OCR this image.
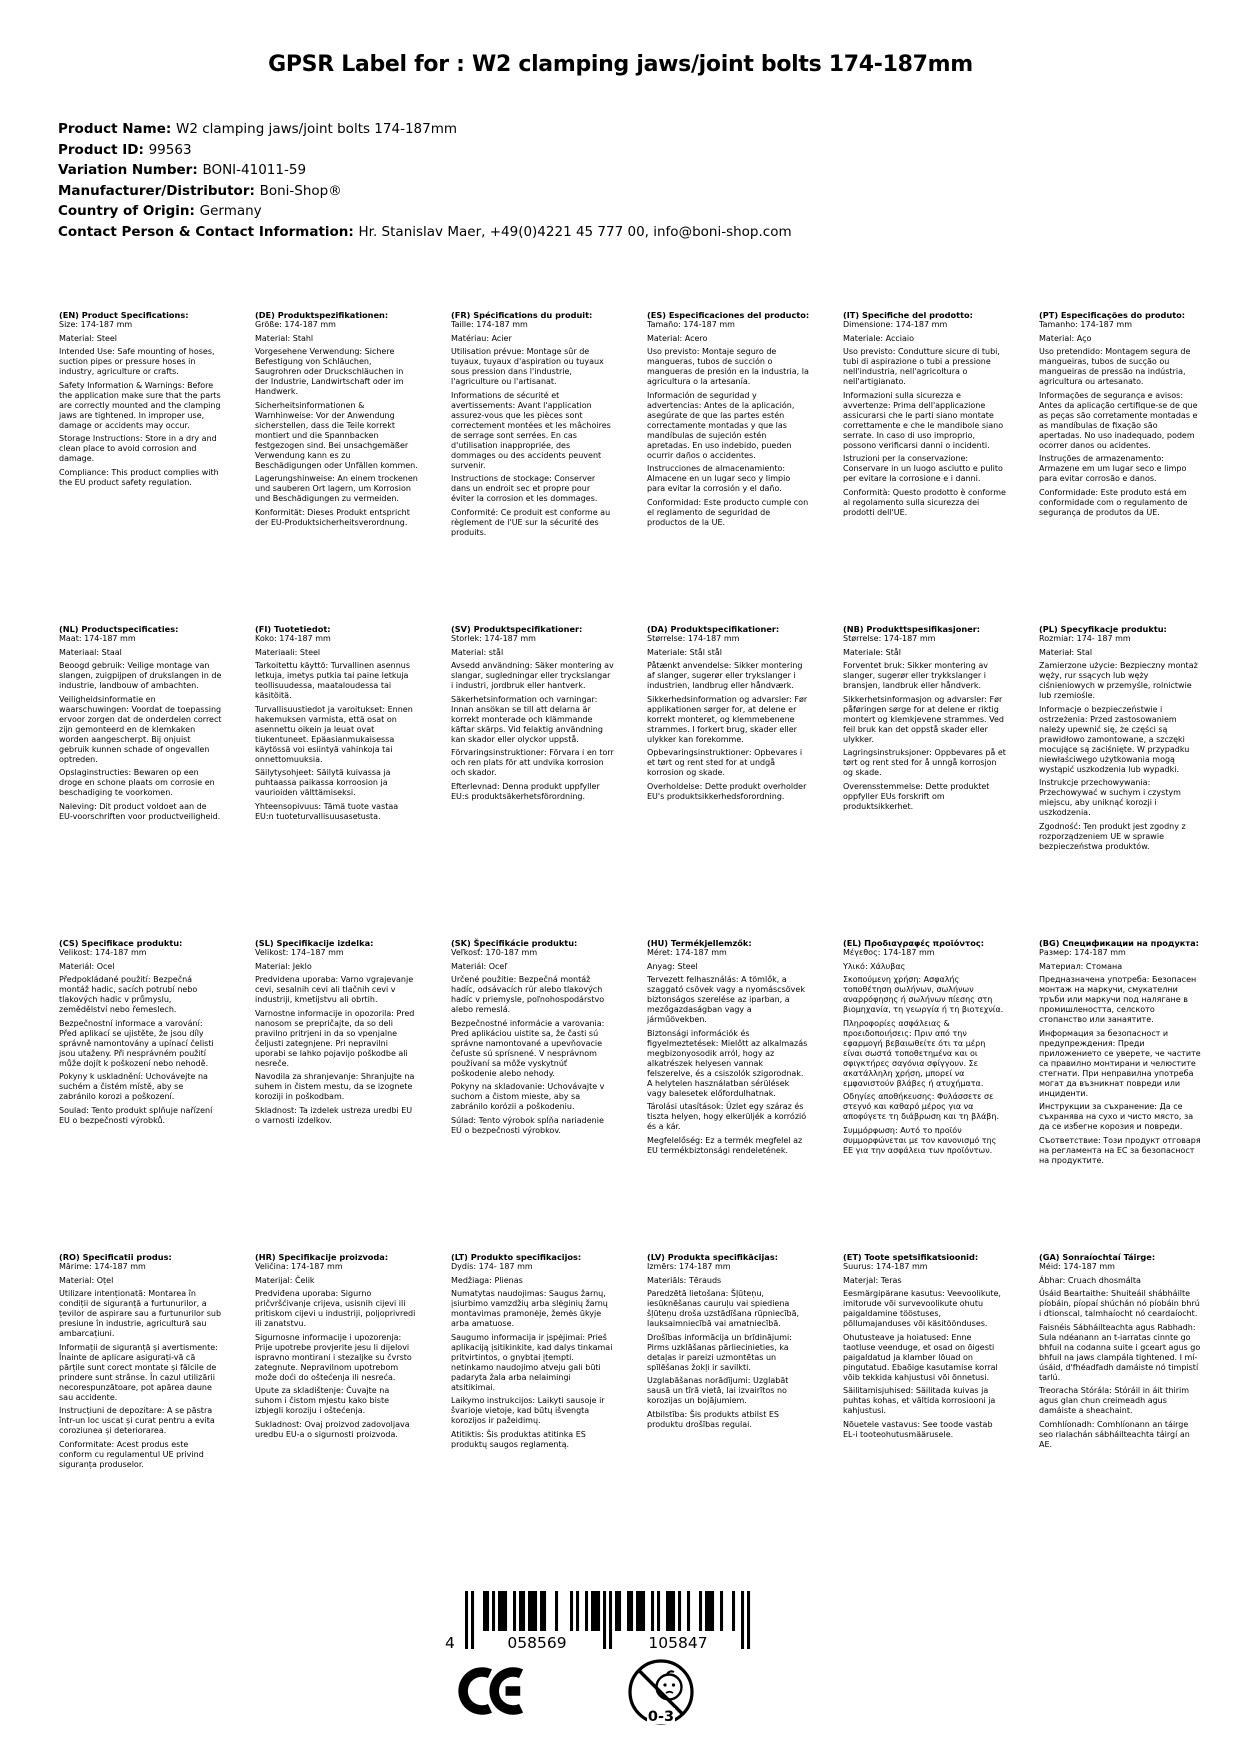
GPSR Label for : W2 clamping jaws/joint bolts 174-187mm
Product Name: W2 clamping jaws/joint bolts 174-187mm
Product ID: 99563
Variation Number: BONI-41011-59
Manufacturer/Distributor: Boni-Shop®
Country of Origin: Germany
Contact Person & Contact Information: Hr. Stanislav Maer, +49(0)4221 45 777 00, info@boni-shop.com

(EN) Product Specifications:

Size: 174-187 mm

Material: Steel

Intended Use: Safe mounting of hoses, suction pipes or pressure hoses in industry, agriculture or crafts.

Safety Information & Warnings: Before the application make sure that the parts are correctly mounted and the clamping jaws are tightened. In improper use, damage or accidents may occur.

Storage Instructions: Store in a dry and clean place to avoid corrosion and damage.

Compliance: This product complies with the EU product safety regulation.

(DE) Produktspezifikationen:

Größe: 174-187 mm

Material: Stahl

Vorgesehene Verwendung: Sichere Befestigung von Schläuchen, Saugrohren oder Druckschläuchen in der Industrie, Landwirtschaft oder im Handwerk.

Sicherheitsinformationen & Warnhinweise: Vor der Anwendung sicherstellen, dass die Teile korrekt montiert und die Spannbacken festgezogen sind. Bei unsachgemäßer Verwendung kann es zu Beschädigungen oder Unfällen kommen.

Lagerungshinweise: An einem trockenen und sauberen Ort lagern, um Korrosion und Beschädigungen zu vermeiden.

Konformität: Dieses Produkt entspricht der EU-Produktsicherheitsverordnung.

(FR) Spécifications du produit:

Taille: 174-187 mm

Matériau: Acier

Utilisation prévue: Montage sûr de tuyaux, tuyaux d'aspiration ou tuyaux sous pression dans l'industrie, l'agriculture ou l'artisanat.

Informations de sécurité et avertissements: Avant l'application assurez-vous que les pièces sont correctement montées et les mâchoires de serrage sont serrées. En cas d'utilisation inappropriée, des dommages ou des accidents peuvent survenir.

Instructions de stockage: Conserver dans un endroit sec et propre pour éviter la corrosion et les dommages.

Conformité: Ce produit est conforme au règlement de l'UE sur la sécurité des produits.

(ES) Especificaciones del producto:

Tamaño: 174-187 mm

Material: Acero

Uso previsto: Montaje seguro de mangueras, tubos de succión o mangueras de presión en la industria, la agricultura o la artesanía.

Información de seguridad y advertencias: Antes de la aplicación, asegúrate de que las partes estén correctamente montadas y que las mandíbulas de sujeción estén apretadas. En uso indebido, pueden ocurrir daños o accidentes.

Instrucciones de almacenamiento: Almacene en un lugar seco y limpio para evitar la corrosión y el daño.

Conformidad: Este producto cumple con el reglamento de seguridad de productos de la UE.

(IT) Specifiche del prodotto:

Dimensione: 174-187 mm

Materiale: Acciaio

Uso previsto: Condutture sicure di tubi, tubi di aspirazione o tubi a pressione nell'industria, nell'agricoltura o nell'artigianato.

Informazioni sulla sicurezza e avvertenze: Prima dell'applicazione assicurarsi che le parti siano montate correttamente e che le mandibole siano serrate. In caso di uso improprio, possono verificarsi danni o incidenti.

Istruzioni per la conservazione: Conservare in un luogo asciutto e pulito per evitare la corrosione e i danni.

Conformità: Questo prodotto è conforme al regolamento sulla sicurezza dei prodotti dell'UE.

(PT) Especificações do produto:

Tamanho: 174-187 mm

Material: Aço

Uso pretendido: Montagem segura de mangueiras, tubos de sucção ou mangueiras de pressão na indústria, agricultura ou artesanato.

Informações de segurança e avisos: Antes da aplicação certifique-se de que as peças são corretamente montadas e as mandíbulas de fixação são apertadas. No uso inadequado, podem ocorrer danos ou acidentes.

Instruções de armazenamento: Armazene em um lugar seco e limpo para evitar corrosão e danos.

Conformidade: Este produto está em conformidade com o regulamento de segurança de produtos da UE.

(NL) Productspecificaties:

Maat: 174-187 mm

Materiaal: Staal

Beoogd gebruik: Veilige montage van slangen, zuigpijpen of drukslangen in de industrie, landbouw of ambachten.

Veiligheidsinformatie en waarschuwingen: Voordat de toepassing ervoor zorgen dat de onderdelen correct zijn gemonteerd en de klemkaken worden aangescherpt. Bij onjuist gebruik kunnen schade of ongevallen optreden.

Opslaginstructies: Bewaren op een droge en schone plaats om corrosie en beschadiging te voorkomen.

Naleving: Dit product voldoet aan de EU-voorschriften voor productveiligheid.

(FI) Tuotetiedot:

Koko: 174-187 mm

Materiaali: Steel

Tarkoitettu käyttö: Turvallinen asennus letkuja, imetys putkia tai paine letkuja teollisuudessa, maataloudessa tai käsitöitä.

Turvallisuustiedot ja varoitukset: Ennen hakemuksen varmista, että osat on asennettu oikein ja leuat ovat tiukentuneet. Epäasianmukaisessa käytössä voi esiintyä vahinkoja tai onnettomuuksia.

Säilytysohjeet: Säilytä kuivassa ja puhtaassa paikassa korroosion ja vaurioiden välttämiseksi.

Yhteensopivuus: Tämä tuote vastaa EU:n tuoteturvallisuusasetusta.

(SV) Produktspecifikationer:

Storlek: 174-187 mm

Material: stål

Avsedd användning: Säker montering av slangar, sugledningar eller tryckslangar i industri, jordbruk eller hantverk.

Säkerhetsinformation och varningar: Innan ansökan se till att delarna är korrekt monterade och klämmande käftar skärps. Vid felaktig användning kan skador eller olyckor uppstå.

Förvaringsinstruktioner: Förvara i en torr och ren plats för att undvika korrosion och skador.

Efterlevnad: Denna produkt uppfyller EU:s produktsäkerhetsförordning.

(DA) Produktspecifikationer:

Størrelse: 174-187 mm

Materiale: Stål stål

Påtænkt anvendelse: Sikker montering af slanger, sugerør eller trykslanger i industrien, landbrug eller håndværk.

Sikkerhedsinformation og advarsler: Før applikationen sørger for, at delene er korrekt monteret, og klemmebenene strammes. I forkert brug, skader eller ulykker kan forekomme.

Opbevaringsinstruktioner: Opbevares i et tørt og rent sted for at undgå korrosion og skade.

Overholdelse: Dette produkt overholder EU's produktsikkerhedsforordning.

(NB) Produkttspesifikasjoner:

Størrelse: 174-187 mm

Materiale: Stål

Forventet bruk: Sikker montering av slanger, sugerør eller trykkslanger i bransjen, landbruk eller håndverk.

Sikkerhetsinformasjon og advarsler: Før påføringen sørge for at delene er riktig montert og klemkjevene strammes. Ved feil bruk kan det oppstå skader eller ulykker.

Lagringsinstruksjoner: Oppbevares på et tørt og rent sted for å unngå korrosjon og skade.

Overensstemmelse: Dette produktet oppfyller EUs forskrift om produktsikkerhet.

(PL) Specyfikacje produktu:

Rozmiar: 174- 187 mm

Materiał: Stal

Zamierzone użycie: Bezpieczny montaż węży, rur ssących lub węży ciśnieniowych w przemyśle, rolnictwie lub rzemiośle.

Informacje o bezpieczeństwie i ostrzeżenia: Przed zastosowaniem należy upewnić się, że części są prawidłowo zamontowane, a szczęki mocujące są zaciśnięte. W przypadku niewłaściwego użytkowania mogą wystąpić uszkodzenia lub wypadki.

Instrukcje przechowywania: Przechowywać w suchym i czystym miejscu, aby uniknąć korozji i uszkodzenia.

Zgodność: Ten produkt jest zgodny z rozporządzeniem UE w sprawie bezpieczeństwa produktów.

(CS) Specifikace produktu:

Velikost: 174-187 mm

Materiál: Ocel

Předpokládané použití: Bezpečná montáž hadic, sacích potrubí nebo tlakových hadic v průmyslu, zemědělství nebo řemeslech.

Bezpečnostní informace a varování: Před aplikací se ujistěte, že jsou díly správně namontovány a upínací čelisti jsou utaženy. Při nesprávném použití může dojít k poškození nebo nehodě.

Pokyny k uskladnění: Uchovávejte na suchém a čistém místě, aby se zabránilo korozi a poškození.

Soulad: Tento produkt splňuje nařízení EU o bezpečnosti výrobků.

(SL) Specifikacije izdelka:

Velikost: 174–187 mm

Material: Jeklo

Predvidena uporaba: Varno vgrajevanje cevi, sesalnih cevi ali tlačnih cevi v industriji, kmetijstvu ali obrtih.

Varnostne informacije in opozorila: Pred nanosom se prepričajte, da so deli pravilno pritrjeni in da so vpenjalne čeljusti zategnjene. Pri nepravilni uporabi se lahko pojavijo poškodbe ali nesreče.

Navodila za shranjevanje: Shranjujte na suhem in čistem mestu, da se izognete koroziji in poškodbam.

Skladnost: Ta izdelek ustreza uredbi EU o varnosti izdelkov.

(SK) Špecifikácie produktu:

Veľkosť: 170-187 mm

Materiál: Oceľ

Určené použitie: Bezpečná montáž hadíc, odsávacích rúr alebo tlakových hadíc v priemysle, poľnohospodárstvo alebo remeslá.

Bezpečnostné informácie a varovania: Pred aplikáciou uistite sa, že časti sú správne namontované a upevňovacie čeľuste sú sprísnené. V nesprávnom používaní sa môže vyskytnúť poškodenie alebo nehody.

Pokyny na skladovanie: Uchovávajte v suchom a čistom mieste, aby sa zabránilo korózii a poškodeniu.

Súlad: Tento výrobok spĺňa nariadenie EÚ o bezpečnosti výrobkov.

(HU) Termékjellemzők:

Méret: 174-187 mm

Anyag: Steel

Tervezett felhasználás: A tömlők, a szaggató csövek vagy a nyomáscsövek biztonságos szerelése az iparban, a mezőgazdaságban vagy a járműövekben.

Biztonsági információk és figyelmeztetések: Mielőtt az alkalmazás megbizonyosodik arról, hogy az alkatrészek helyesen vannak felszerelve, és a csiszolók szigorodnak. A helytelen használatban sérülések vagy balesetek előfordulhatnak.

Tárolási utasítások: Üzlet egy száraz és tiszta helyen, hogy elkerüljék a korrózió és a kár.

Megfelelőség: Ez a termék megfelel az EU termékbiztonsági rendeletének.

(EL) Προδιαγραφές προϊόντος:

Μέγεθος: 174-187 mm

Υλικό: Χάλυβας

Σκοπούμενη χρήση: Ασφαλής τοποθέτηση σωλήνων, σωλήνων αναρρόφησης ή σωλήνων πίεσης στη βιομηχανία, τη γεωργία ή τη βιοτεχνία.

Πληροφορίες ασφάλειας & προειδοποιήσεις: Πριν από την εφαρμογή βεβαιωθείτε ότι τα μέρη είναι σωστά τοποθετημένα και οι σφιγκτήρες σαγόνια σφίγγουν. Σε ακατάλληλη χρήση, μπορεί να εμφανιστούν βλάβες ή ατυχήματα.

Οδηγίες αποθήκευσης: Φυλάσσετε σε στεγνό και καθαρό μέρος για να αποφύγετε τη διάβρωση και τη βλάβη.

Συμμόρφωση: Αυτό το προϊόν συμμορφώνεται με τον κανονισμό της ΕΕ για την ασφάλεια των προϊόντων.

(BG) Спецификации на продукта:

Размер: 174-187 mm

Материал: Стомана

Предназначена употреба: Безопасен монтаж на маркучи, смукателни тръби или маркучи под налягане в промишлеността, селското стопанство или занаятите.

Информация за безопасност и предупреждения: Преди приложението се уверете, че частите са правилно монтирани и челюстите стегнати. При неправилна употреба могат да възникнат повреди или инциденти.

Инструкции за съхранение: Да се съхранява на сухо и чисто място, за да се избегне корозия и повреди.

Съответствие: Този продукт отговаря на регламента на ЕС за безопасност на продуктите.

(RO) Specificatii produs:

Mărime: 174-187 mm

Material: Oțel

Utilizare intenționată: Montarea în condiții de siguranță a furtunurilor, a țevilor de aspirare sau a furtunurilor sub presiune în industrie, agricultură sau ambarcațiuni.

Informații de siguranță și avertismente: Înainte de aplicare asigurați-vă că părțile sunt corect montate și fălcile de prindere sunt strânse. În cazul utilizării necorespunzătoare, pot apărea daune sau accidente.

Instrucțiuni de depozitare: A se păstra într-un loc uscat și curat pentru a evita coroziunea și deteriorarea.

Conformitate: Acest produs este conform cu regulamentul UE privind siguranța produselor.

(HR) Specifikacije proizvoda:

Veličina: 174-187 mm

Materijal: Čelik

Predviđena uporaba: Sigurno pričvršćivanje crijeva, usisnih cijevi ili pritiskom cijevi u industriji, poljoprivredi ili zanatstvu.

Sigurnosne informacije i upozorenja: Prije upotrebe provjerite jesu li dijelovi ispravno montirani i stezaljke su čvrsto zategnute. Nepravilnom upotrebom može doći do oštećenja ili nesreća.

Upute za skladištenje: Čuvajte na suhom i čistom mjestu kako biste izbjegli koroziju i oštećenja.

Sukladnost: Ovaj proizvod zadovoljava uredbu EU-a o sigurnosti proizvoda.

(LT) Produkto specifikacijos:

Dydis: 174- 187 mm

Medžiaga: Plienas

Numatytas naudojimas: Saugus žarnų, įsiurbimo vamzdžių arba slėginių žarnų montavimas pramonėje, žemės ūkyje arba amatuose.

Saugumo informacija ir įspėjimai: Prieš aplikaciją įsitikinkite, kad dalys tinkamai pritvirtintos, o gnybtai įtempti. netinkamo naudojimo atveju gali būti padaryta žala arba nelaimingi atsitikimai.

Laikymo instrukcijos: Laikyti sausoje ir švarioje vietoje, kad būtų išvengta korozijos ir pažeidimų.

Atitiktis: Šis produktas atitinka ES produktų saugos reglamentą.

(LV) Produkta specifikācijas:

Izmērs: 174-187 mm

Materiāls: Tērauds

Paredzētā lietošana: Šļūteņu, iesūknēšanas cauruļu vai spiediena šļūteņu droša uzstādīšana rūpniecībā, lauksaimniecībā vai amatniecībā.

Drošības informācija un brīdinājumi: Pirms uzklāšanas pārliecinieties, ka detaļas ir pareizi uzmontētas un spīlēšanas žokļi ir savilkti.

Uzglabāšanas norādījumi: Uzglabāt sausā un tīrā vietā, lai izvairītos no korozijas un bojājumiem.

Atbilstība: Šis produkts atbilst ES produktu drošības regulai.

(ET) Toote spetsifikatsioonid:

Suurus: 174-187 mm

Materjal: Teras

Eesmärgipärane kasutus: Veevoolikute, imitorude või survevoolikute ohutu paigaldamine tööstuses, põllumajanduses või käsitöönduses.

Ohutusteave ja hoiatused: Enne taotluse veenduge, et osad on õigesti paigaldatud ja klamber lõuad on pingutatud. Ebaõige kasutamise korral võib tekkida kahjustusi või õnnetusi.

Säilitamisjuhised: Säilitada kuivas ja puhtas kohas, et vältida korrosiooni ja kahjustusi.

Nõuetele vastavus: See toode vastab EL-i tooteohutusmäärusele.

(GA) Sonraíochtaí Táirge:

Méid: 174-187 mm

Ábhar: Cruach dhosmálta

Úsáid Beartaithe: Shuiteáil shábháilte píobáin, píopaí shúchán nó píobáin bhrú i dtionscal, talmhaíocht nó ceardaíocht.

Faisnéis Sábháilteachta agus Rabhadh: Sula ndéanann an t-iarratas cinnte go bhfuil na codanna suite i gceart agus go bhfuil na jaws clampála tightened. I mí-úsáid, d'fhéadfadh damáiste nó timpistí tarlú.

Treoracha Stórála: Stóráil in áit thirim agus glan chun creimeadh agus damáiste a sheachaint.

Comhlíonadh: Comhlíonann an táirge seo rialachán sábháilteachta táirgí an AE.

4	058569	105847
0-3
